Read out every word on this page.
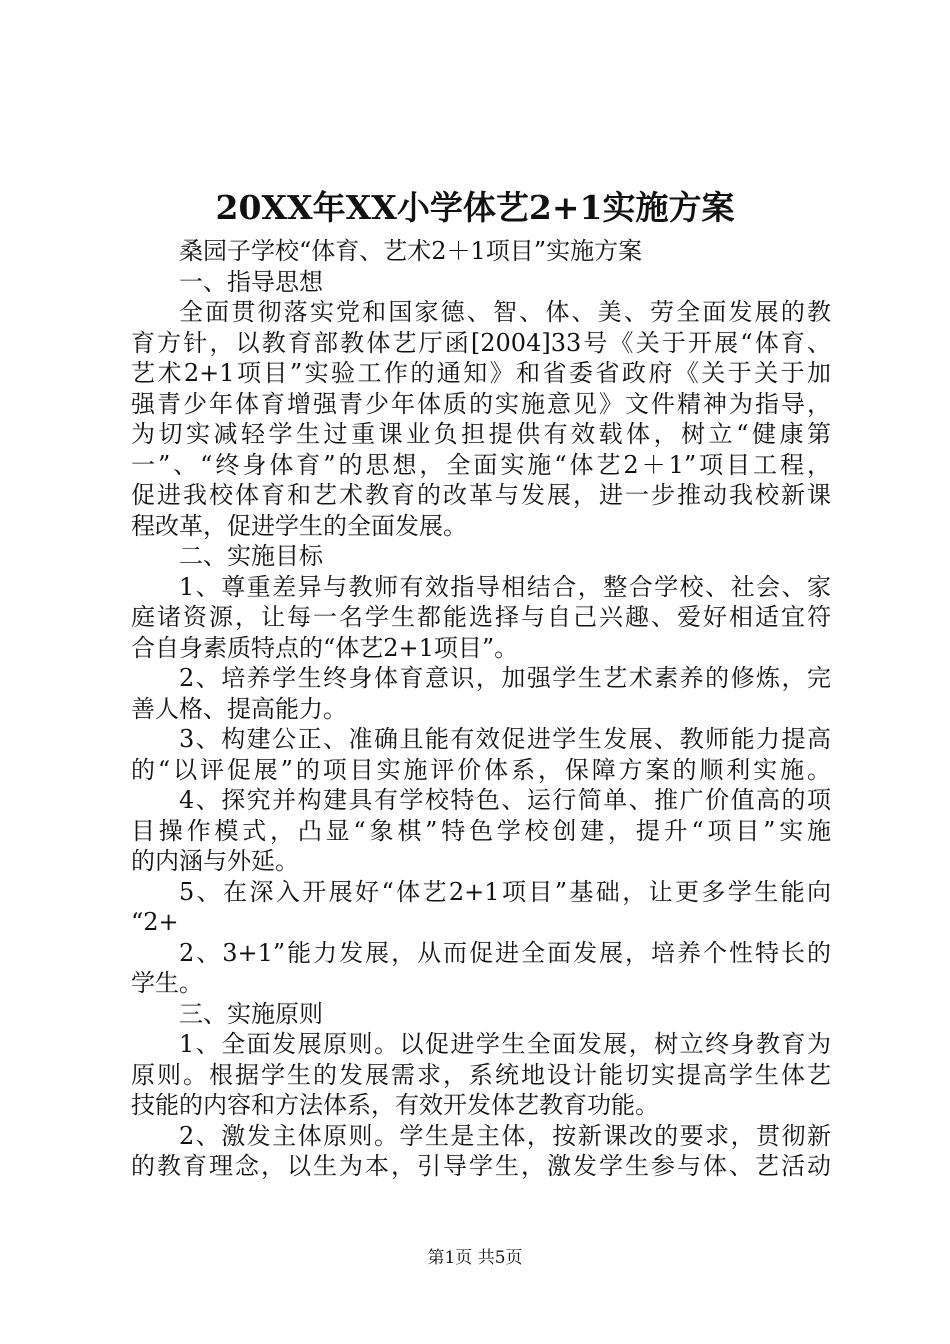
20XX年XX小学体艺2+1实施方案
桑园子学校“体育、艺术2＋1项目”实施方案
一、指导思想
全面贯彻落实党和国家德、智、体、美、劳全面发展的教
育方针，以教育部教体艺厅函[2004]33号《关于开展“体育、
艺术2+1项目”实验工作的通知》和省委省政府《关于关于加
强青少年体育增强青少年体质的实施意见》文件精神为指导，
为切实减轻学生过重课业负担提供有效载体，树立“健康第
一”、“终身体育”的思想，全面实施“体艺2＋1”项目工程，
促进我校体育和艺术教育的改革与发展，进一步推动我校新课
程改革，促进学生的全面发展。
二、实施目标
1、尊重差异与教师有效指导相结合，整合学校、社会、家
庭诸资源，让每一名学生都能选择与自己兴趣、爱好相适宜符
合自身素质特点的“体艺2+1项目”。
2、培养学生终身体育意识，加强学生艺术素养的修炼，完
善人格、提高能力。
3、构建公正、准确且能有效促进学生发展、教师能力提高
的“以评促展”的项目实施评价体系，保障方案的顺利实施。
4、探究并构建具有学校特色、运行简单、推广价值高的项
目操作模式，凸显“象棋”特色学校创建，提升“项目”实施
的内涵与外延。
5、在深入开展好“体艺2+1项目”基础，让更多学生能向
“2+
2、3+1”能力发展，从而促进全面发展，培养个性特长的
学生。
三、实施原则
1、全面发展原则。以促进学生全面发展，树立终身教育为
原则。根据学生的发展需求，系统地设计能切实提高学生体艺
技能的内容和方法体系，有效开发体艺教育功能。
2、激发主体原则。学生是主体，按新课改的要求，贯彻新
的教育理念，以生为本，引导学生，激发学生参与体、艺活动
第1页 共5页
